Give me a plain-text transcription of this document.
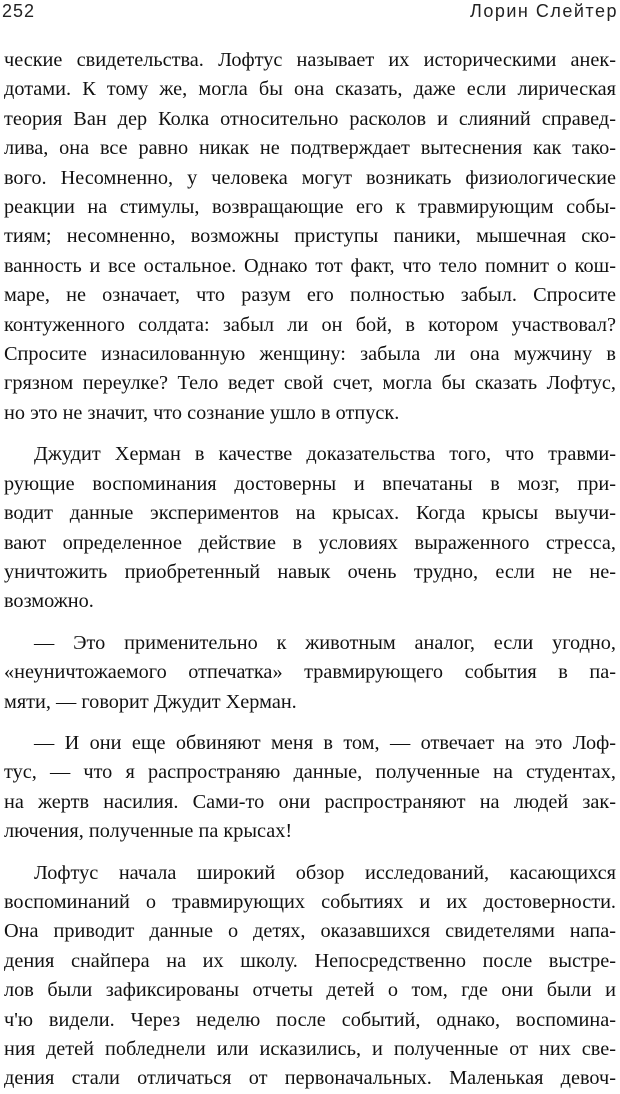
252	Лорин Слейтер

ческие свидетельства. Лофтус называет их историческими анек-

дотами. К тому же, могла бы она сказать, даже если лирическая

теория Ван дер Колка относительно расколов и слияний справед-

лива, она все равно никак не подтверждает вытеснения как тако-

вого. Несомненно, у человека могут возникать физиологические

реакции на стимулы, возвращающие его к травмирующим собы-

тиям; несомненно, возможны приступы паники, мышечная ско-

ванность и все остальное. Однако тот факт, что тело помнит о кош-

маре, не означает, что разум его полностью забыл. Спросите

контуженного солдата: забыл ли он бой, в котором участвовал?

Спросите изнасилованную женщину: забыла ли она мужчину в

грязном переулке? Тело ведет свой счет, могла бы сказать Лофтус,

но это не значит, что сознание ушло в отпуск.

Джудит Херман в качестве доказательства того, что травми-

рующие воспоминания достоверны и впечатаны в мозг, при-

водит данные экспериментов на крысах. Когда крысы выучи-

вают определенное действие в условиях выраженного стресса,

уничтожить приобретенный навык очень трудно, если не не-

возможно.

— Это применительно к животным аналог, если угодно,

«неуничтожаемого отпечатка» травмирующего события в па-

мяти, — говорит Джудит Херман.

— И они еще обвиняют меня в том, — отвечает на это Лоф-

тус, — что я распространяю данные, полученные на студентах,

на жертв насилия. Сами-то они распространяют на людей зак-

лючения, полученные па крысах!

Лофтус начала широкий обзор исследований, касающихся

воспоминаний о травмирующих событиях и их достоверности.

Она приводит данные о детях, оказавшихся свидетелями напа-

дения снайпера на их школу. Непосредственно после выстре-

лов были зафиксированы отчеты детей о том, где они были и

ч'ю видели. Через неделю после событий, однако, воспомина-

ния детей побледнели или исказились, и полученные от них све-

дения стали отличаться от первоначальных. Маленькая девоч-
